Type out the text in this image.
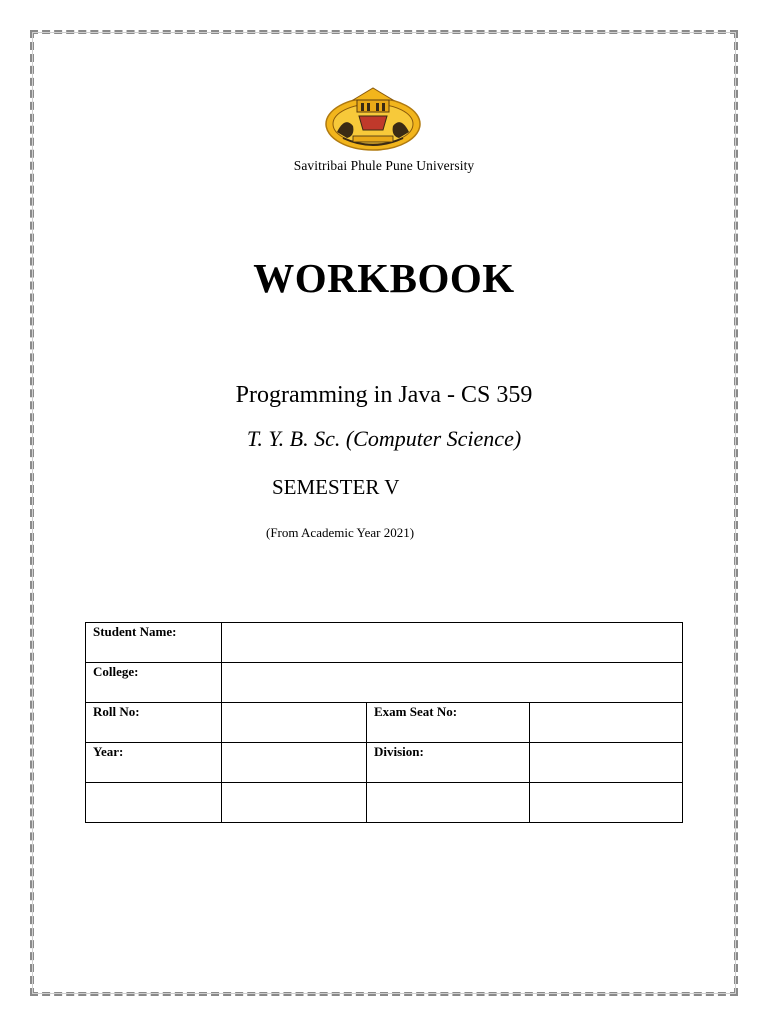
Savitribai Phule Pune University
WORKBOOK
Programming in Java - CS 359
T. Y. B. Sc. (Computer Science)
SEMESTER V
(From Academic Year 2021)
Student Name:			
College:			
Roll No:		Exam Seat No:	
Year:		Division:	
